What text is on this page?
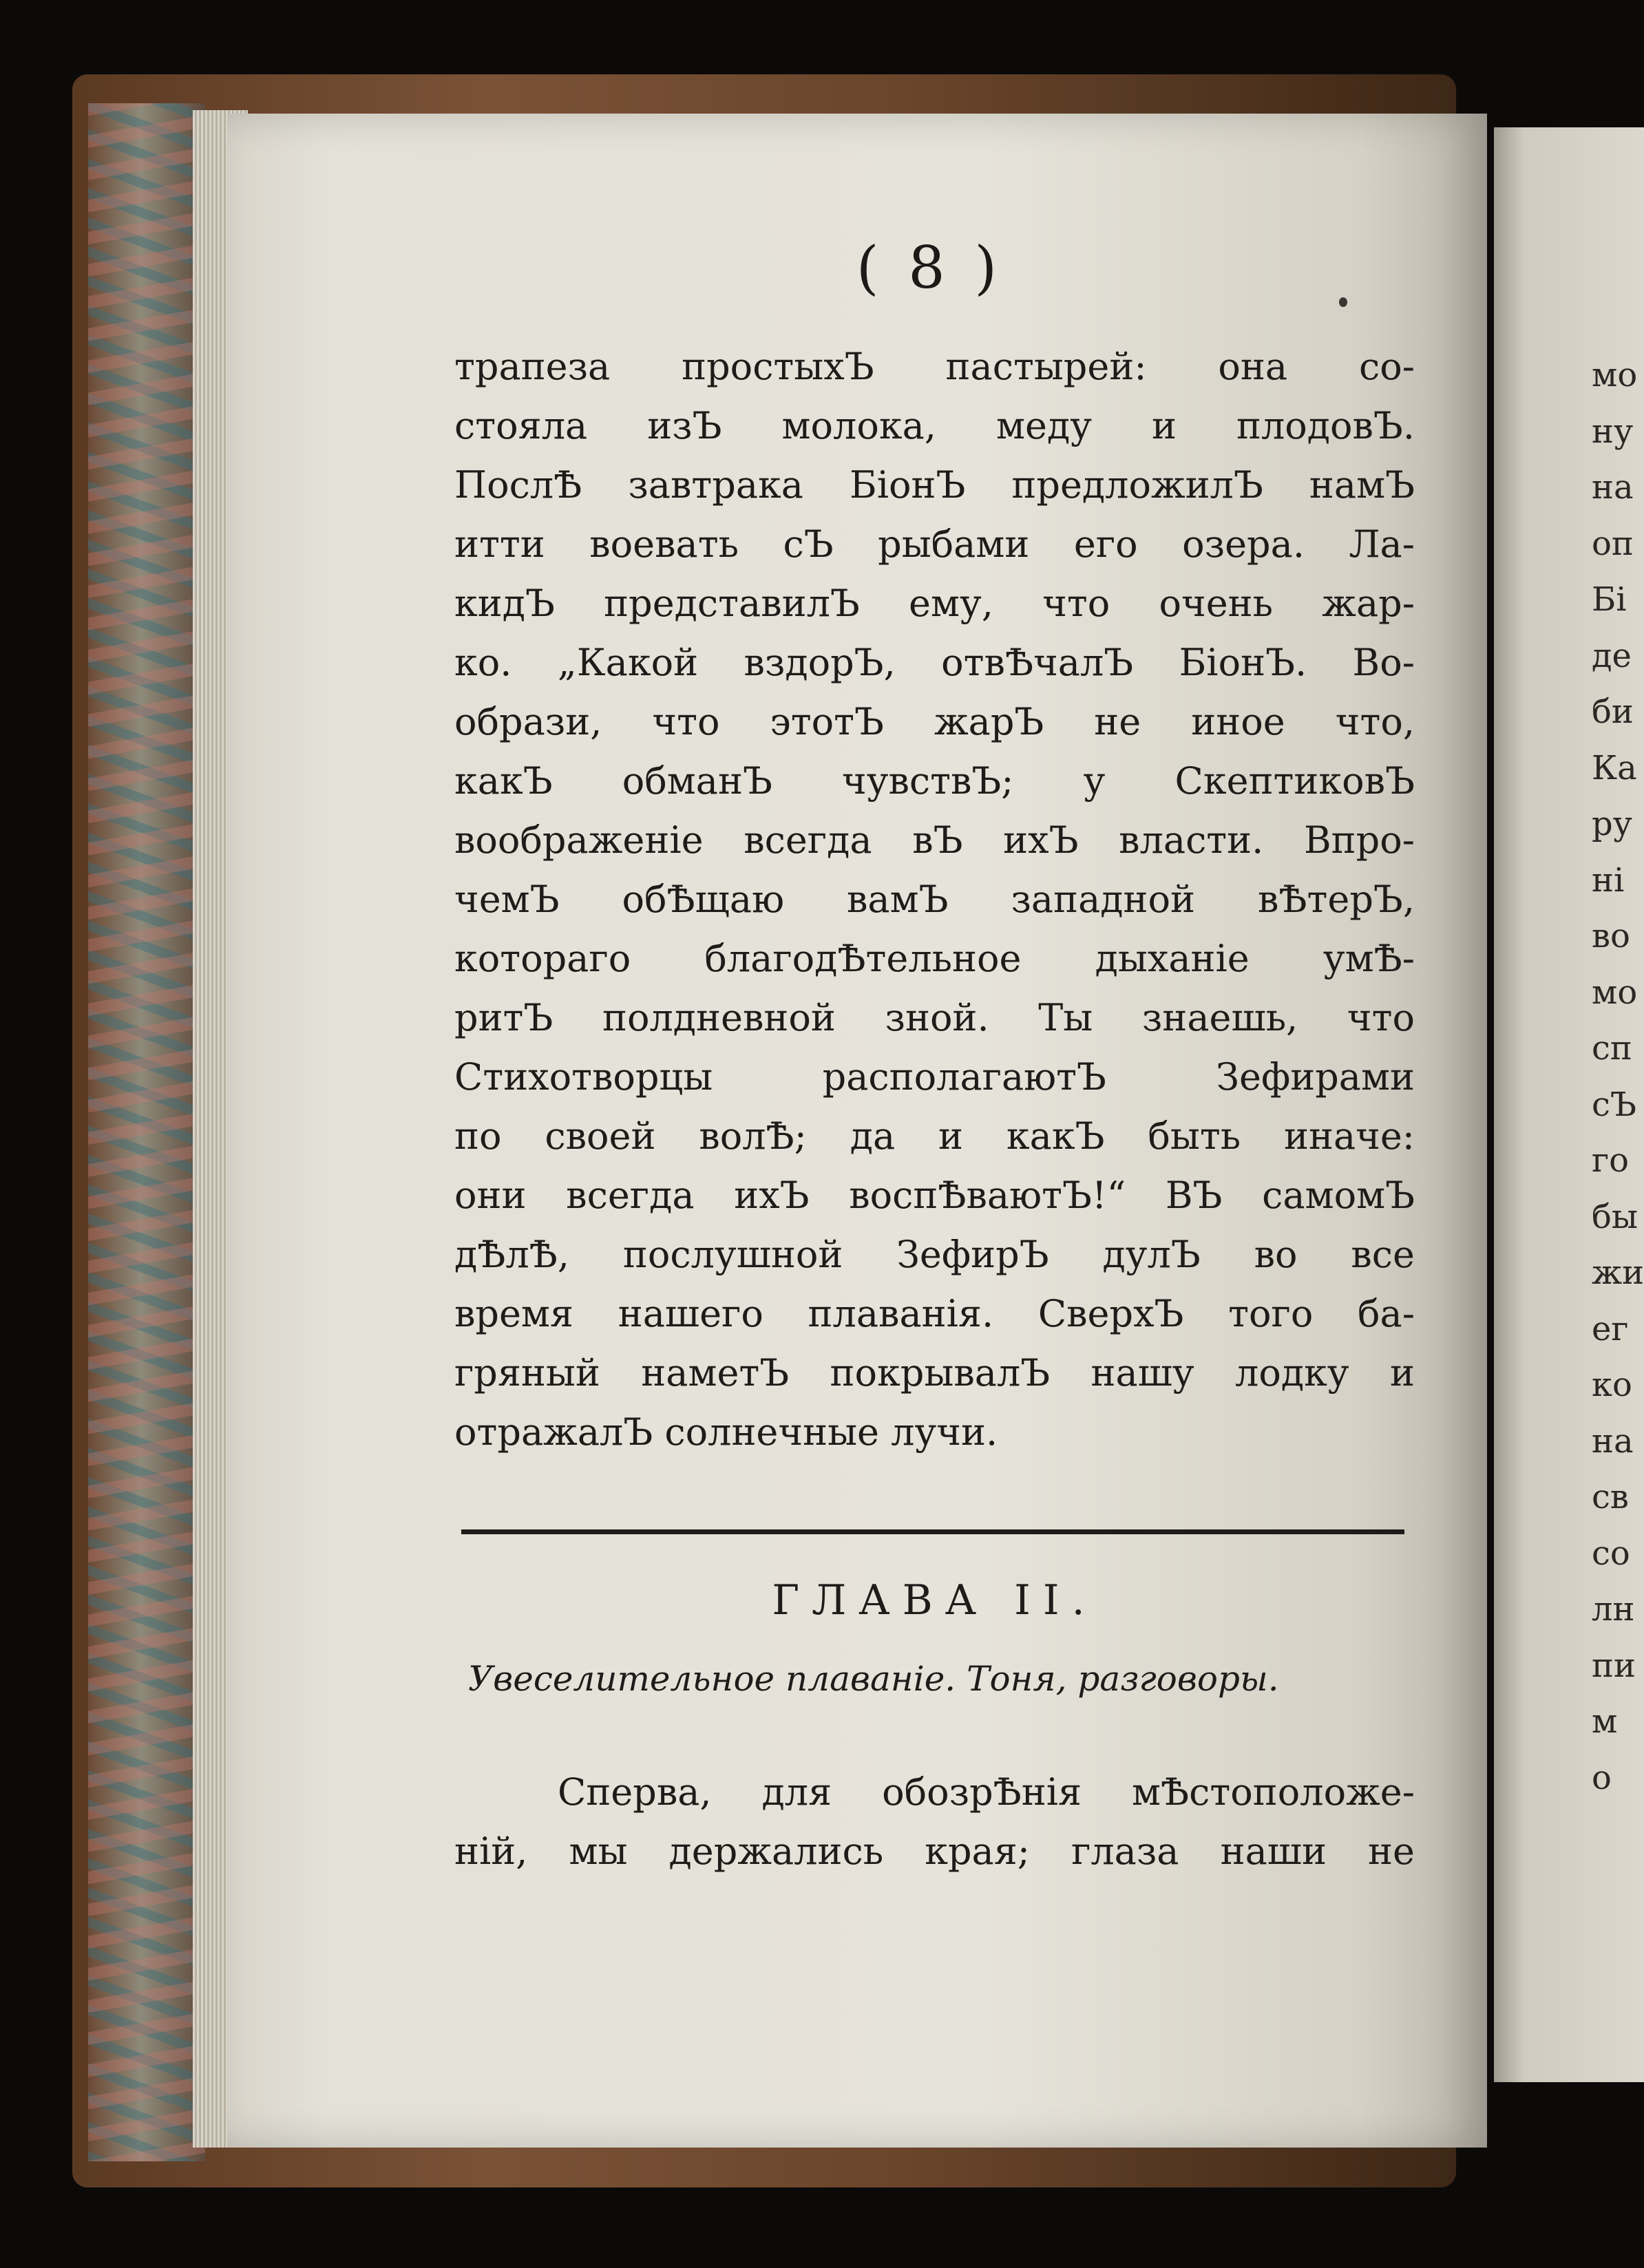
( 8 )
трапеза простыхЪ пастырей: она со-
стояла изЪ молока, меду и плодовЪ.
ПослѢ завтрака БіонЪ предложилЪ намЪ
итти воевать сЪ рыбами его озера. Ла-
кидЪ представилЪ ему, что очень жар-
ко. „Какой вздорЪ, отвѢчалЪ БіонЪ. Во-
образи, что этотЪ жарЪ не иное что,
какЪ обманЪ чувствЪ; у СкептиковЪ
воображеніе всегда вЪ ихЪ власти. Впро-
чемЪ обѢщаю вамЪ западной вѢтерЪ,
котораго благодѢтельное дыханіе умѢ-
ритЪ полдневной зной. Ты знаешь, что
Стихотворцы располагаютЪ Зефирами
по своей волѢ; да и какЪ быть иначе:
они всегда ихЪ воспѢваютЪ!“ ВЪ самомЪ
дѢлѢ, послушной ЗефирЪ дулЪ во все
время нашего плаванія. СверхЪ того ба-
гряный наметЪ покрывалЪ нашу лодку и
отражалЪ солнечные лучи.
ГЛАВА II.
Увеселительное плаваніе. Тоня, разговоры.
Сперва, для обозрѢнія мѢстоположе-
ній, мы держались края; глаза наши не
мо
ну
на
оп
Бі
де
би
Ка
ру
ні
во
мо
сп
сЪ
го
бы
жи
ег
ко
на
св
со
лн
пи
м
о
